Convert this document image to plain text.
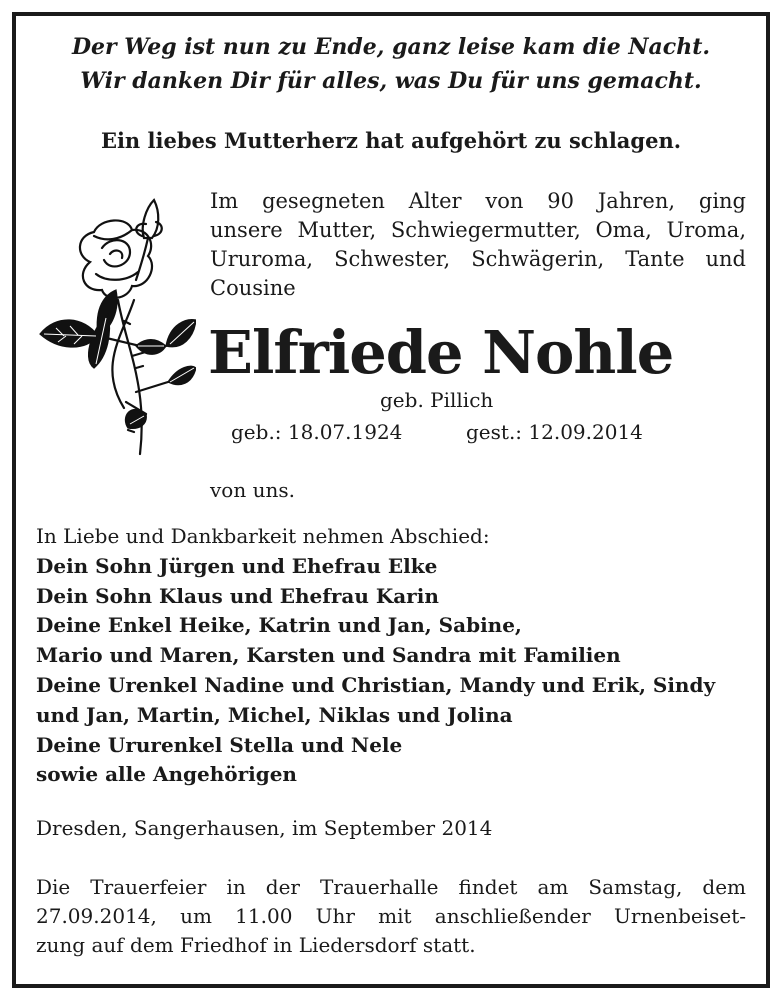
Der Weg ist nun zu Ende, ganz leise kam die Nacht.
Wir danken Dir für alles, was Du für uns gemacht.
Ein liebes Mutterherz hat aufgehört zu schlagen.
Im gesegneten Alter von 90 Jahren, ging
unsere Mutter, Schwiegermutter, Oma, Uroma,
Ururoma, Schwester, Schwägerin, Tante und
Cousine
Elfriede Nohle
geb. Pillich
geb.: 18.07.1924	gest.: 12.09.2014
von uns.
In Liebe und Dankbarkeit nehmen Abschied:
Dein Sohn Jürgen und Ehefrau Elke
Dein Sohn Klaus und Ehefrau Karin
Deine Enkel Heike, Katrin und Jan, Sabine,
Mario und Maren, Karsten und Sandra mit Familien
Deine Urenkel Nadine und Christian, Mandy und Erik, Sindy
und Jan, Martin, Michel, Niklas und Jolina
Deine Ururenkel Stella und Nele
sowie alle Angehörigen
Dresden, Sangerhausen, im September 2014
Die Trauerfeier in der Trauerhalle findet am Samstag, dem
27.09.2014, um 11.00 Uhr mit anschließender Urnenbeiset-
zung auf dem Friedhof in Liedersdorf statt.
